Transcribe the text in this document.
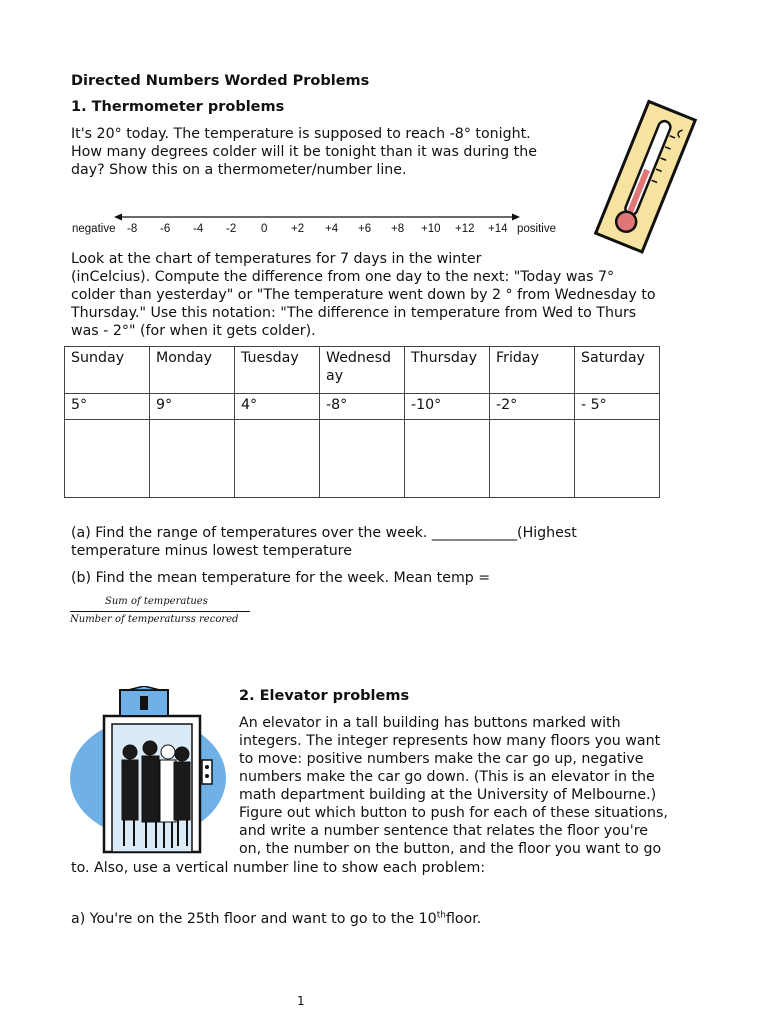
Directed Numbers Worded Problems
1. Thermometer problems
It's 20° today. The temperature is supposed to reach -8° tonight.
How many degrees colder will it be tonight than it was during the
day? Show this on a thermometer/number line.
negative -8 -6 -4 -2 0 +2 +4 +6 +8 +10 +12 +14 positive
Look at the chart of temperatures for 7 days in the winter
(inCelcius). Compute the difference from one day to the next: "Today was 7°
colder than yesterday" or "The temperature went down by 2 ° from Wednesday to
Thursday." Use this notation: "The difference in temperature from Wed to Thurs
was - 2°" (for when it gets colder).
Sunday	Monday	Tuesday	Wednesday	Thursday	Friday	Saturday
5°	9°	4°	-8°	-10°	-2°	- 5°

(a) Find the range of temperatures over the week. ____________(Highest
temperature minus lowest temperature
(b) Find the mean temperature for the week. Mean temp =
Sum of temperatues
Number of temperaturss recored
2. Elevator problems
An elevator in a tall building has buttons marked with
integers. The integer represents how many floors you want
to move: positive numbers make the car go up, negative
numbers make the car go down. (This is an elevator in the
math department building at the University of Melbourne.)
Figure out which button to push for each of these situations,
and write a number sentence that relates the floor you're
on, the number on the button, and the floor you want to go
to. Also, use a vertical number line to show each problem:
a) You're on the 25th floor and want to go to the 10thfloor.
1
